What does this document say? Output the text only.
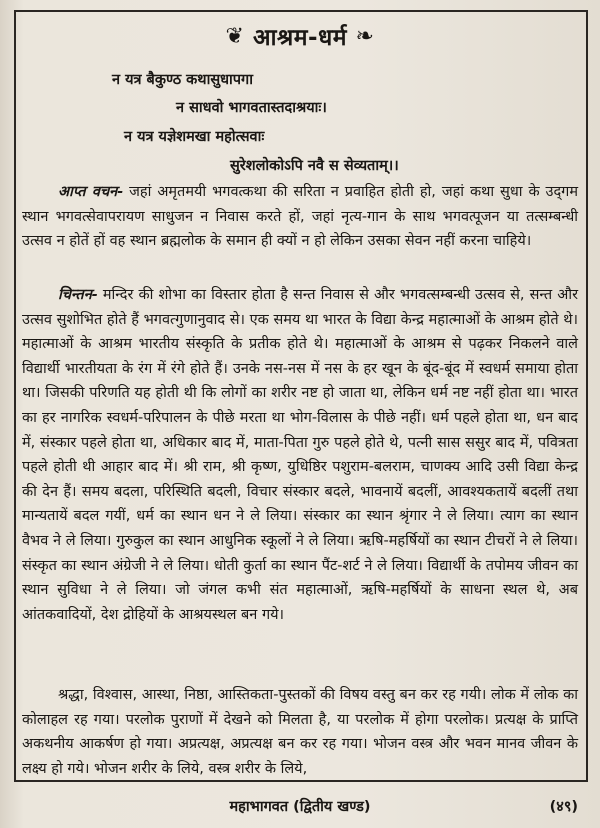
❦ आश्रम-धर्म ❧
न यत्र बैकुण्ठ कथासुधापगा
न साधवो भागवतास्तदाश्रयाः।
न यत्र यज्ञेशमखा महोत्सवाः
सुरेशलोकोऽपि नवै स सेव्यताम्।।

आप्त वचन- जहां अमृतमयी भगवत्कथा की सरिता न प्रवाहित होती हो, जहां कथा सुधा के उद्‌गम स्थान भगवत्सेवापरायण साधुजन न निवास करते हों, जहां नृत्य-गान के साथ भगवत्पूजन या तत्सम्बन्धी उत्सव न होतें हों वह स्थान ब्रह्मलोक के समान ही क्यों न हो लेकिन उसका सेवन नहीं करना चाहिये।

चिन्तन- मन्दिर की शोभा का विस्तार होता है सन्त निवास से और भगवत्सम्बन्धी उत्सव से, सन्त और उत्सव सुशोभित होते हैं भगवत्गुणानुवाद से। एक समय था भारत के विद्या केन्द्र महात्माओं के आश्रम होते थे। महात्माओं के आश्रम भारतीय संस्कृति के प्रतीक होते थे। महात्माओं के आश्रम से पढ़कर निकलने वाले विद्यार्थी भारतीयता के रंग में रंगे होते हैं। उनके नस-नस में नस के हर खून के बूंद-बूंद में स्वधर्म समाया होता था। जिसकी परिणति यह होती थी कि लोगों का शरीर नष्ट हो जाता था, लेकिन धर्म नष्ट नहीं होता था। भारत का हर नागरिक स्वधर्म-परिपालन के पीछे मरता था भोग-विलास के पीछे नहीं। धर्म पहले होता था, धन बाद में, संस्कार पहले होता था, अधिकार बाद में, माता-पिता गुरु पहले होते थे, पत्नी सास ससुर बाद में, पवित्रता पहले होती थी आहार बाद में। श्री राम, श्री कृष्ण, युधिष्ठिर पशुराम-बलराम, चाणक्य आदि उसी विद्या केन्द्र की देन हैं। समय बदला, परिस्थिति बदली, विचार संस्कार बदले, भावनायें बदलीं, आवश्यकतायें बदलीं तथा मान्यतायें बदल गयीं, धर्म का स्थान धन ने ले लिया। संस्कार का स्थान श्रृंगार ने ले लिया। त्याग का स्थान वैभव ने ले लिया। गुरुकुल का स्थान आधुनिक स्कूलों ने ले लिया। ऋषि-महर्षियों का स्थान टीचरों ने ले लिया। संस्कृत का स्थान अंग्रेजी ने ले लिया। धोती कुर्ता का स्थान पैंट-शर्ट ने ले लिया। विद्यार्थी के तपोमय जीवन का स्थान सुविधा ने ले लिया। जो जंगल कभी संत महात्माओं, ऋषि-महर्षियों के साधना स्थल थे, अब आंतकवादियों, देश द्रोहियों के आश्रयस्थल बन गये।

श्रद्धा, विश्वास, आस्था, निष्ठा, आस्तिकता-पुस्तकों की विषय वस्तु बन कर रह गयी। लोक में लोक का कोलाहल रह गया। परलोक पुराणों में देखने को मिलता है, या परलोक में होगा परलोक। प्रत्यक्ष के प्राप्ति अकथनीय आकर्षण हो गया। अप्रत्यक्ष, अप्रत्यक्ष बन कर रह गया। भोजन वस्त्र और भवन मानव जीवन के लक्ष्य हो गये। भोजन शरीर के लिये, वस्त्र शरीर के लिये,

महाभागवत (द्वितीय खण्ड)	(४९)
